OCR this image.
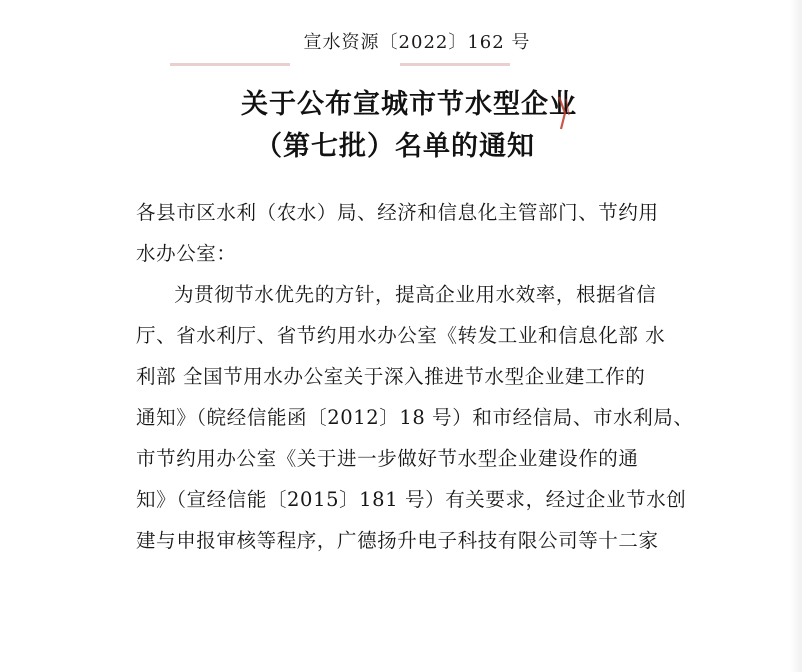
宣水资源〔2022〕162 号
关于公布宣城市节水型企业
（第七批）名单的通知
各县市区水利（农水）局、经济和信息化主管部门、节约用
水办公室：
为贯彻节水优先的方针，提高企业用水效率，根据省信
厅、省水利厅、省节约用水办公室《转发工业和信息化部 水
利部 全国节用水办公室关于深入推进节水型企业建工作的
通知》（皖经信能函〔2012〕18 号）和市经信局、市水利局、
市节约用办公室《关于进一步做好节水型企业建设作的通
知》（宣经信能〔2015〕181 号）有关要求，经过企业节水创
建与申报审核等程序，广德扬升电子科技有限公司等十二家
